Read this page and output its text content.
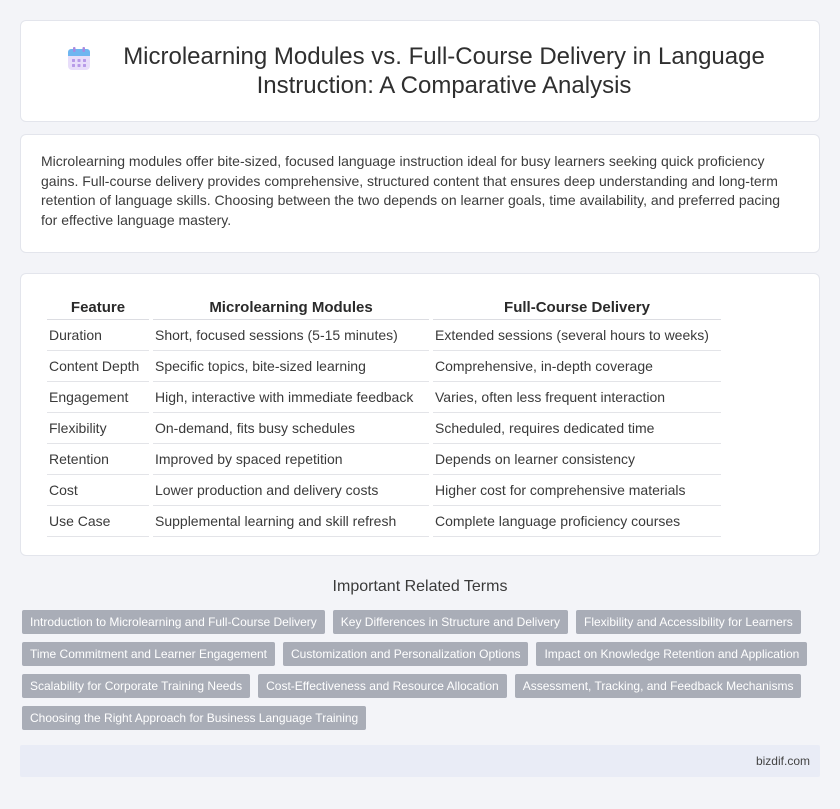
Microlearning Modules vs. Full-Course Delivery in Language Instruction: A Comparative Analysis

Microlearning modules offer bite-sized, focused language instruction ideal for busy learners seeking quick proficiency gains. Full-course delivery provides comprehensive, structured content that ensures deep understanding and long-term retention of language skills. Choosing between the two depends on learner goals, time availability, and preferred pacing for effective language mastery.

Feature	Microlearning Modules	Full-Course Delivery
Duration	Short, focused sessions (5-15 minutes)	Extended sessions (several hours to weeks)
Content Depth	Specific topics, bite-sized learning	Comprehensive, in-depth coverage
Engagement	High, interactive with immediate feedback	Varies, often less frequent interaction
Flexibility	On-demand, fits busy schedules	Scheduled, requires dedicated time
Retention	Improved by spaced repetition	Depends on learner consistency
Cost	Lower production and delivery costs	Higher cost for comprehensive materials
Use Case	Supplemental learning and skill refresh	Complete language proficiency courses
Important Related Terms
Introduction to Microlearning and Full-Course Delivery	Key Differences in Structure and Delivery	Flexibility and Accessibility for Learners
Time Commitment and Learner Engagement	Customization and Personalization Options	Impact on Knowledge Retention and Application
Scalability for Corporate Training Needs	Cost-Effectiveness and Resource Allocation	Assessment, Tracking, and Feedback Mechanisms
Choosing the Right Approach for Business Language Training
bizdif.com
